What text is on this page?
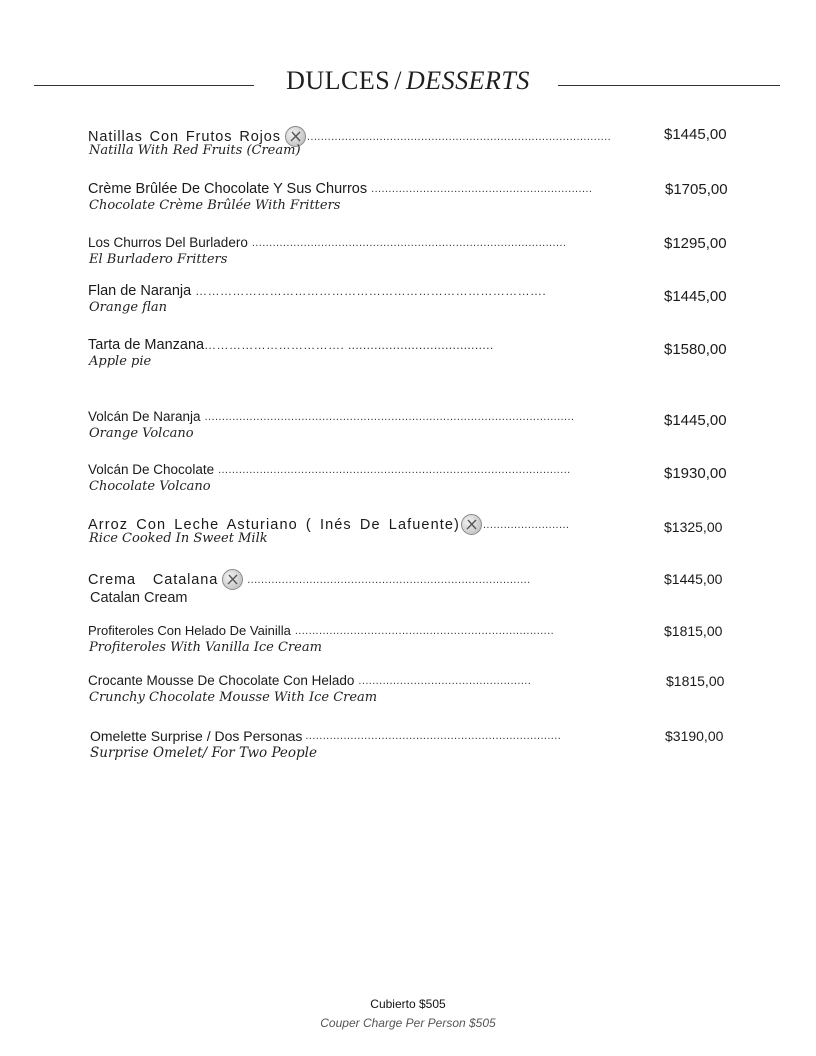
DULCES / DESSERTS
Natillas Con Frutos Rojos ........................................................................................
Natilla With Red Fruits (Cream)
$1445,00
Crème Brûlée De Chocolate Y Sus Churros ................................................................
Chocolate Crème Brûlée With Fritters
$1705,00
Los Churros Del Burladero ...........................................................................................
El Burladero Fritters
$1295,00
Flan de Naranja ………………………………………………………………………….
Orange flan
$1445,00
Tarta de Manzana ……………………………. .......................................
Apple pie
$1580,00
Volcán De Naranja ...........................................................................................................
Orange Volcano
$1445,00
Volcán De Chocolate ......................................................................................................
Chocolate Volcano
$1930,00
Arroz Con Leche Asturiano ( Inés De Lafuente) .........................
Rice Cooked In Sweet Milk
$1325,00
Crema Catalana	..................................................................................
Catalan Cream
$1445,00
Profiteroles Con Helado De Vainilla ...........................................................................
Profiteroles With Vanilla Ice Cream
$1815,00
Crocante Mousse De Chocolate Con Helado ..................................................
Crunchy Chocolate Mousse With Ice Cream
$1815,00
Omelette Surprise / Dos Personas ..........................................................................
Surprise Omelet/ For Two People
$3190,00
Cubierto $505
Couper Charge Per Person $505
